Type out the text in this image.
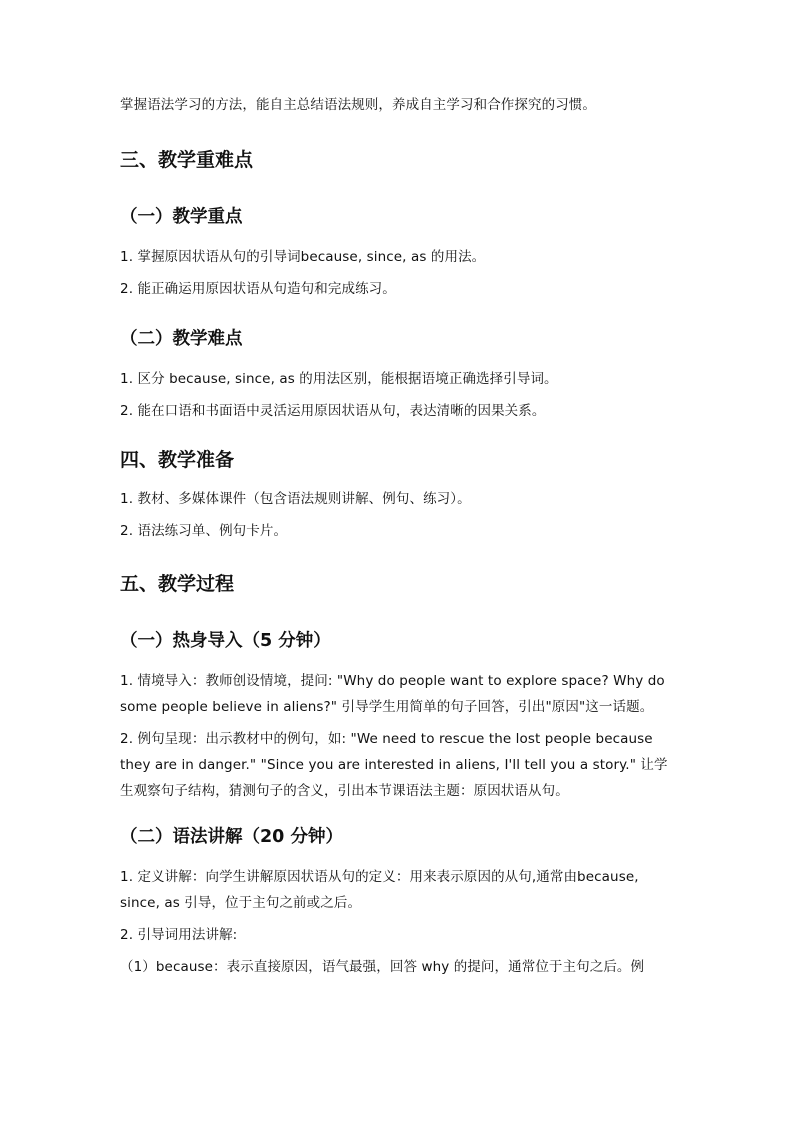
掌握语法学习的方法，能自主总结语法规则，养成自主学习和合作探究的习惯。

三、教学重难点
（一）教学重点

1. 掌握原因状语从句的引导词because, since, as 的用法。

2. 能正确运用原因状语从句造句和完成练习。

（二）教学难点

1. 区分 because, since, as 的用法区别，能根据语境正确选择引导词。

2. 能在口语和书面语中灵活运用原因状语从句，表达清晰的因果关系。

四、教学准备

1. 教材、多媒体课件（包含语法规则讲解、例句、练习）。

2. 语法练习单、例句卡片。

五、教学过程
（一）热身导入（5 分钟）

1. 情境导入：教师创设情境，提问: "Why do people want to explore space? Why do some people believe in aliens?" 引导学生用简单的句子回答，引出"原因"这一话题。

2. 例句呈现：出示教材中的例句，如: "We need to rescue the lost people because they are in danger." "Since you are interested in aliens, I'll tell you a story." 让学生观察句子结构，猜测句子的含义，引出本节课语法主题：原因状语从句。

（二）语法讲解（20 分钟）

1. 定义讲解：向学生讲解原因状语从句的定义：用来表示原因的从句,通常由because, since, as 引导，位于主句之前或之后。

2. 引导词用法讲解:

（1）because：表示直接原因，语气最强，回答 why 的提问，通常位于主句之后。例
